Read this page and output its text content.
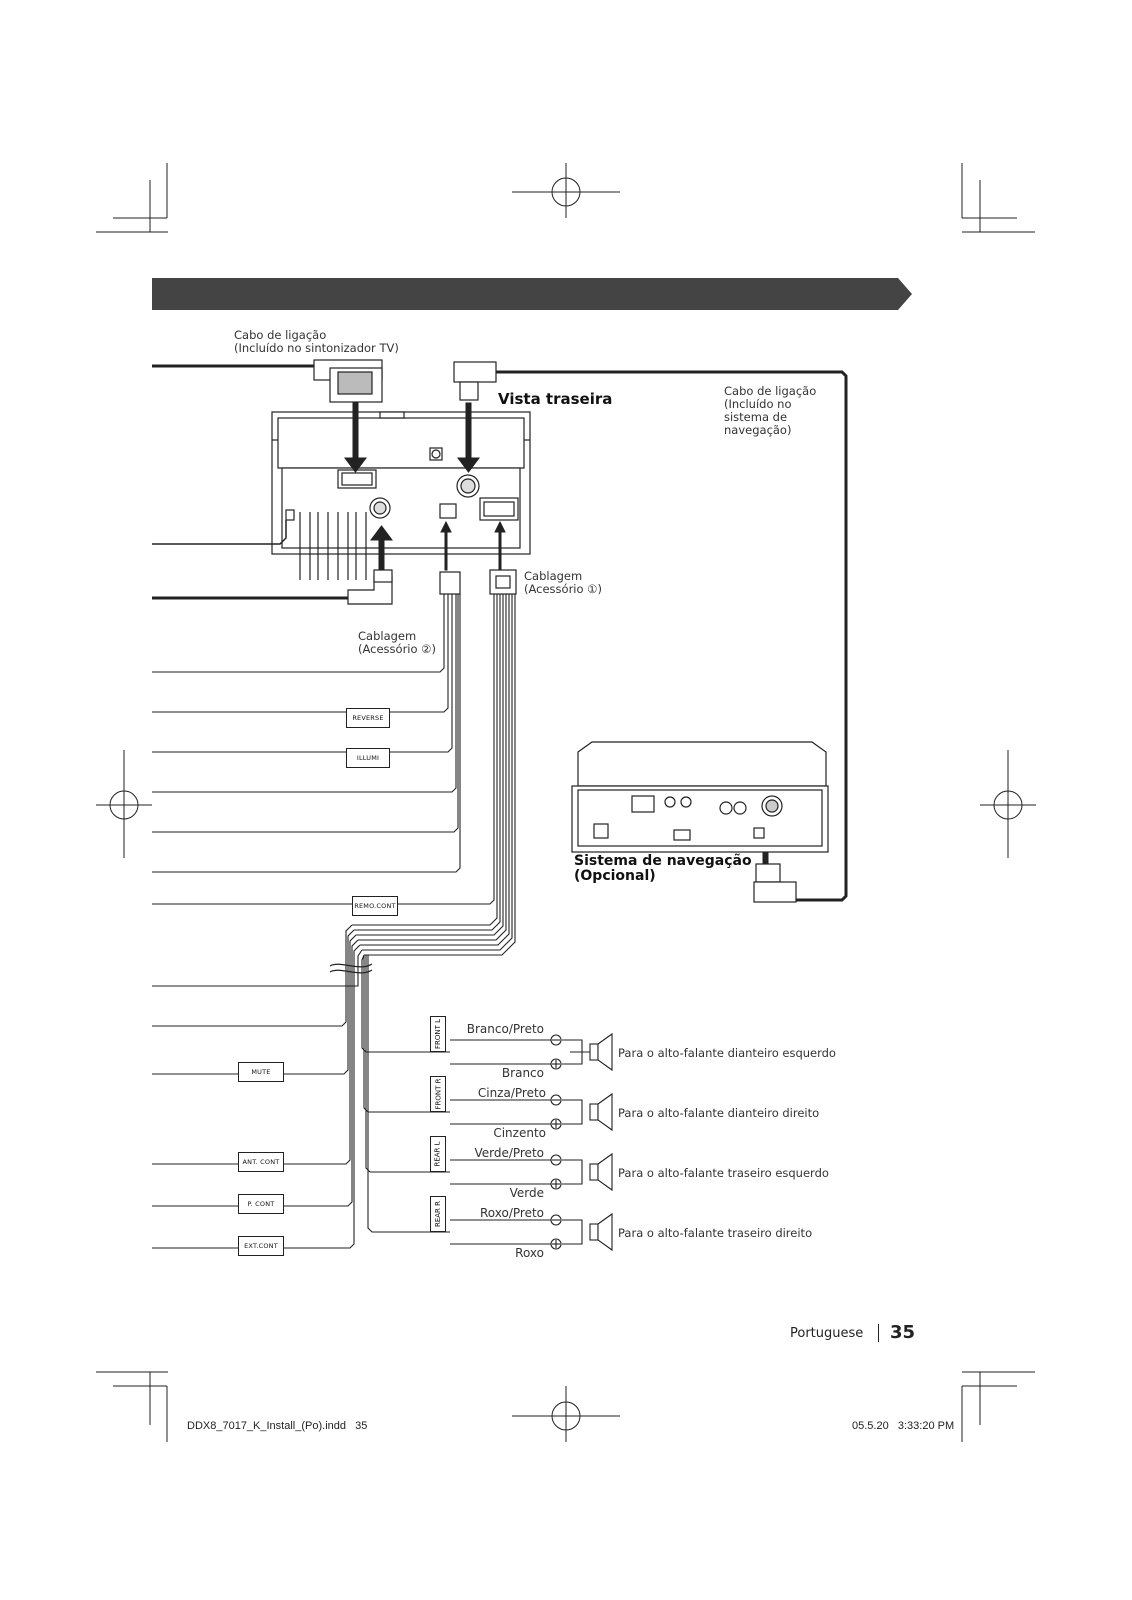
Cabo de ligação
(Incluído no sintonizador TV)
Vista traseira	Cabo de ligação
(Incluído no
sistema de
navegação)
Cablagem
(Acessório ①)
Cablagem
(Acessório ②)
Sistema de navegação
(Opcional)
REVERSE
ILLUMI
REMO.CONT
MUTE
ANT. CONT
P. CONT
EXT.CONT
FRONT L
FRONT R
REAR L
REAR R
Branco/Preto
Branco
Cinza/Preto
Cinzento
Verde/Preto
Verde
Roxo/Preto
Roxo
Para o alto-falante dianteiro esquerdo
Para o alto-falante dianteiro direito
Para o alto-falante traseiro esquerdo
Para o alto-falante traseiro direito
Portuguese 35
DDX8_7017_K_Install_(Po).indd   35	05.5.20   3:33:20 PM
